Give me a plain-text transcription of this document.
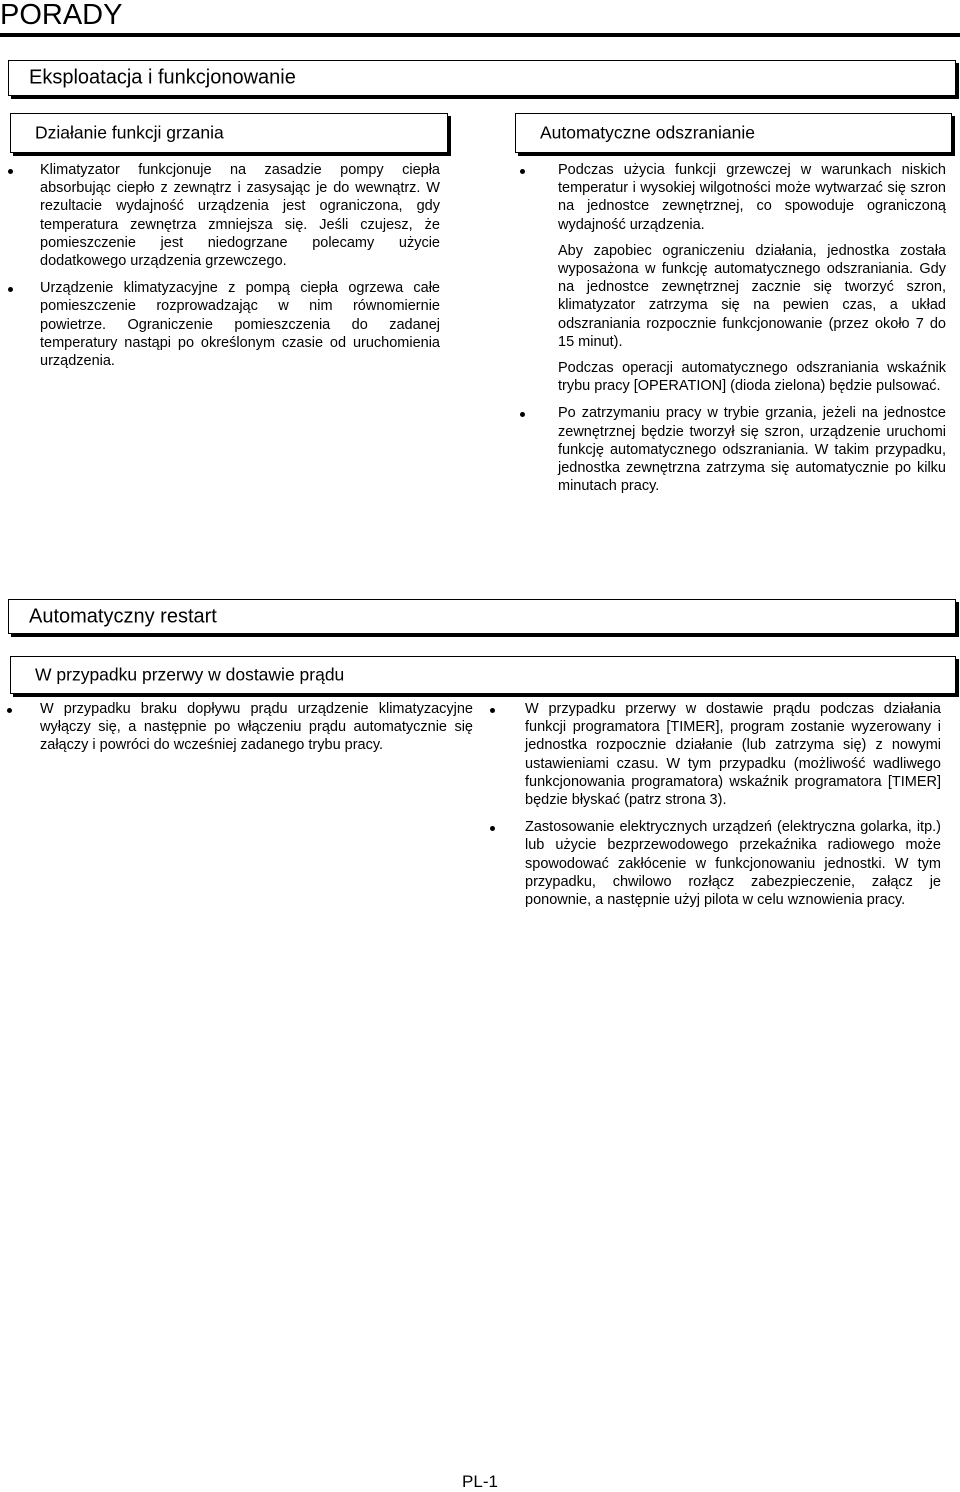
PORADY
Eksploatacja i funkcjonowanie
Działanie funkcji grzania	Automatyczne odszranianie

Klimatyzator funkcjonuje na zasadzie pompy ciepła absorbując ciepło z zewnątrz i zasysając je do wewnątrz. W rezultacie wydajność urządzenia jest ograniczona, gdy temperatura zewnętrza zmniejsza się. Jeśli czujesz, że pomieszczenie jest niedogrzane polecamy użycie dodatkowego urządzenia grzewczego.

Urządzenie klimatyzacyjne z pompą ciepła ogrzewa całe pomieszczenie rozprowadzając w nim równomiernie powietrze. Ograniczenie pomieszczenia do zadanej temperatury nastąpi po określonym czasie od uruchomienia urządzenia.

Podczas użycia funkcji grzewczej w warunkach niskich temperatur i wysokiej wilgotności może wytwarzać się szron na jednostce zewnętrznej, co spowoduje ograniczoną wydajność urządzenia.

Aby zapobiec ograniczeniu działania, jednostka została wyposażona w funkcję automatycznego odszraniania. Gdy na jednostce zewnętrznej zacznie się tworzyć szron, klimatyzator zatrzyma się na pewien czas, a układ odszraniania rozpocznie funkcjonowanie (przez około 7 do 15 minut).

Podczas operacji automatycznego odszraniania wskaźnik trybu pracy [OPERATION] (dioda zielona) będzie pulsować.

Po zatrzymaniu pracy w trybie grzania, jeżeli na jednostce zewnętrznej będzie tworzył się szron, urządzenie uruchomi funkcję automatycznego odszraniania. W takim przypadku, jednostka zewnętrzna zatrzyma się automatycznie po kilku minutach pracy.

Automatyczny restart
W przypadku przerwy w dostawie prądu

W przypadku braku dopływu prądu urządzenie klimatyzacyjne wyłączy się, a następnie po włączeniu prądu automatycznie się załączy i powróci do wcześniej zadanego trybu pracy.

W przypadku przerwy w dostawie prądu podczas działania funkcji programatora [TIMER], program zostanie wyzerowany i jednostka rozpocznie działanie (lub zatrzyma się) z nowymi ustawieniami czasu. W tym przypadku (możliwość wadliwego funkcjonowania programatora) wskaźnik programatora [TIMER] będzie błyskać (patrz strona 3).

Zastosowanie elektrycznych urządzeń (elektryczna golarka, itp.) lub użycie bezprzewodowego przekaźnika radiowego może spowodować zakłócenie w funkcjonowaniu jednostki. W tym przypadku, chwilowo rozłącz zabezpieczenie, załącz je ponownie, a następnie użyj pilota w celu wznowienia pracy.

PL-1
